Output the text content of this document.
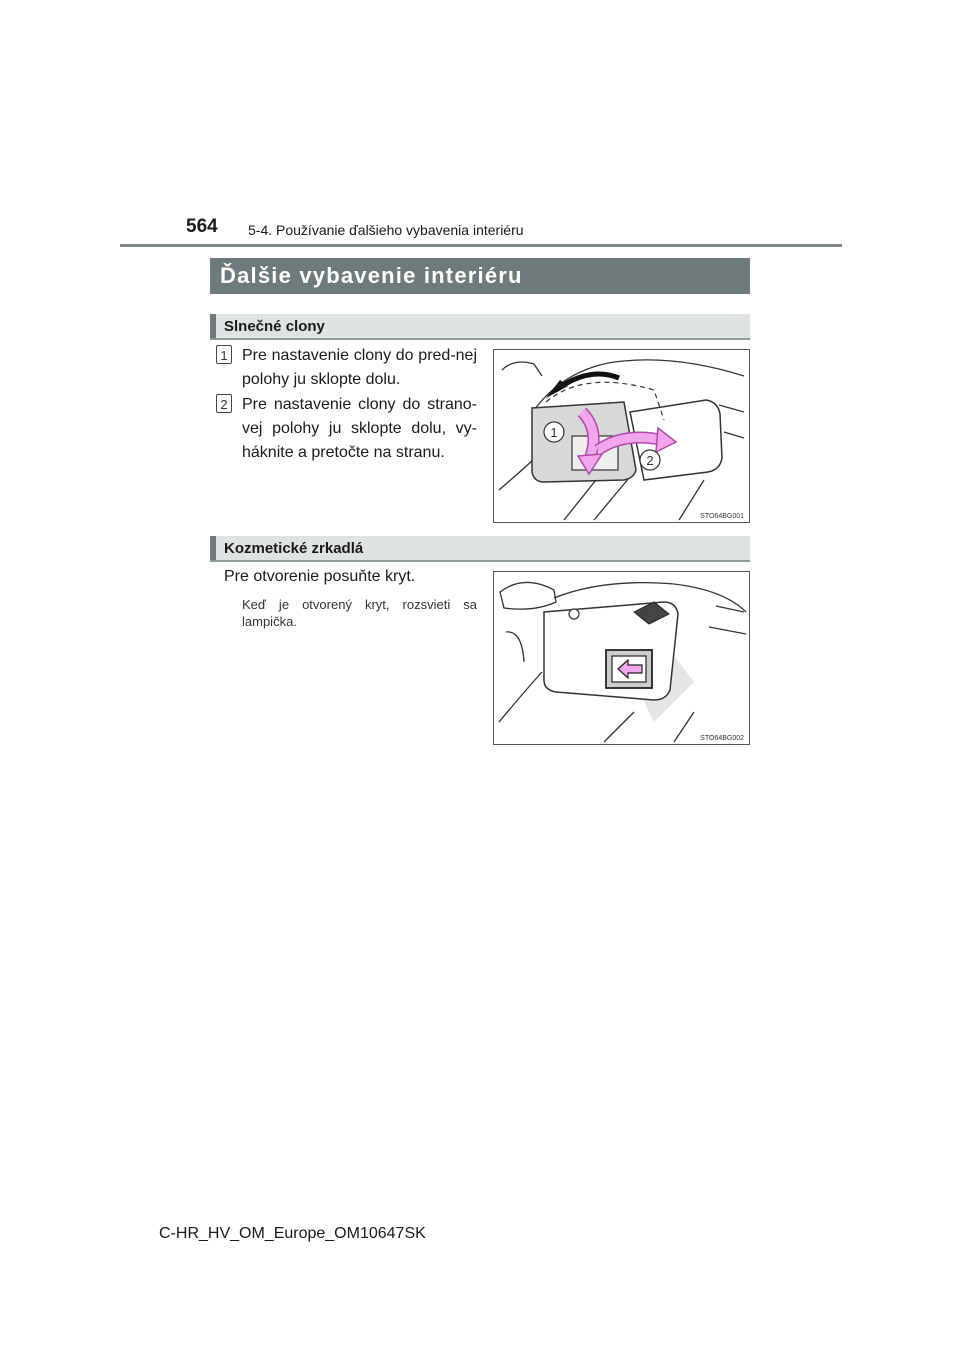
564 5-4. Používanie ďalšieho vybavenia interiéru
Ďalšie vybavenie interiéru
Slnečné clony
1 Pre nastavenie clony do pred-nej polohy ju sklopte dolu.
2 Pre nastavenie clony do strano-vej polohy ju sklopte dolu, vy-háknite a pretočte na stranu.
1
2
STO64BG001
Kozmetické zrkadlá
Pre otvorenie posuňte kryt.
Keď je otvorený kryt, rozsvieti sa lampička.
STO64BG002
C-HR_HV_OM_Europe_OM10647SK
